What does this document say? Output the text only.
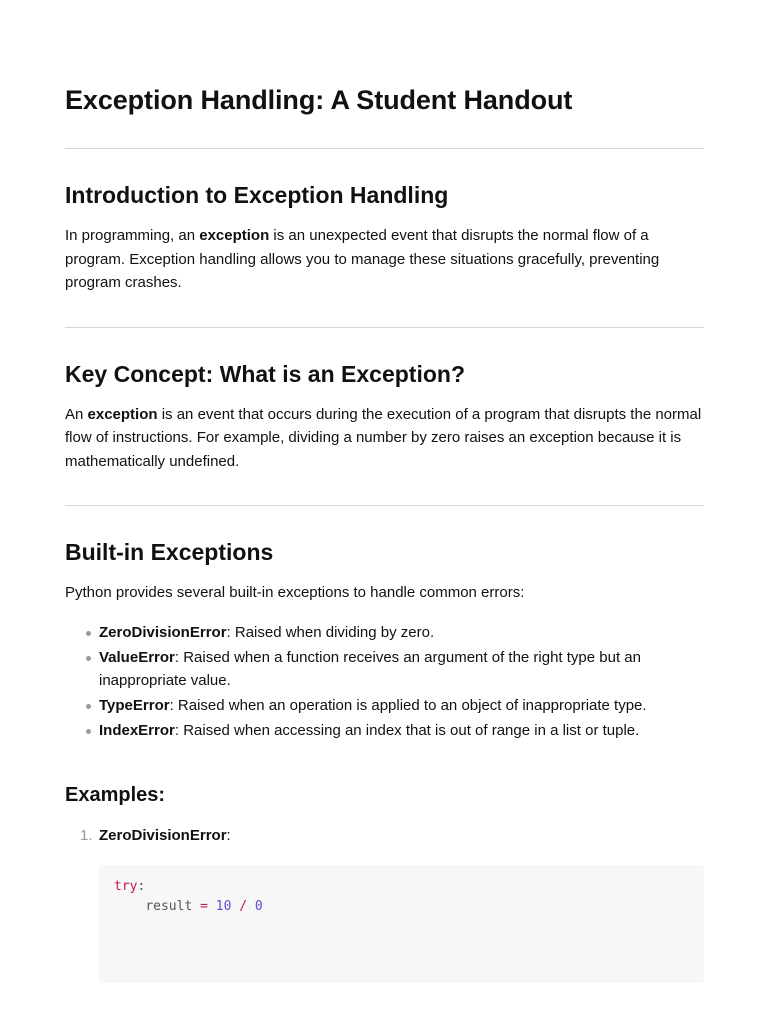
Exception Handling: A Student Handout
Introduction to Exception Handling

In programming, an exception is an unexpected event that disrupts the normal flow of a program. Exception handling allows you to manage these situations gracefully, preventing program crashes.

Key Concept: What is an Exception?

An exception is an event that occurs during the execution of a program that disrupts the normal flow of instructions. For example, dividing a number by zero raises an exception because it is mathematically undefined.

Built-in Exceptions

Python provides several built-in exceptions to handle common errors:

ZeroDivisionError: Raised when dividing by zero.
ValueError: Raised when a function receives an argument of the right type but an inappropriate value.
TypeError: Raised when an operation is applied to an object of inappropriate type.
IndexError: Raised when accessing an index that is out of range in a list or tuple.
Examples:
1. ZeroDivisionError:
try:
result = 10 / 0
